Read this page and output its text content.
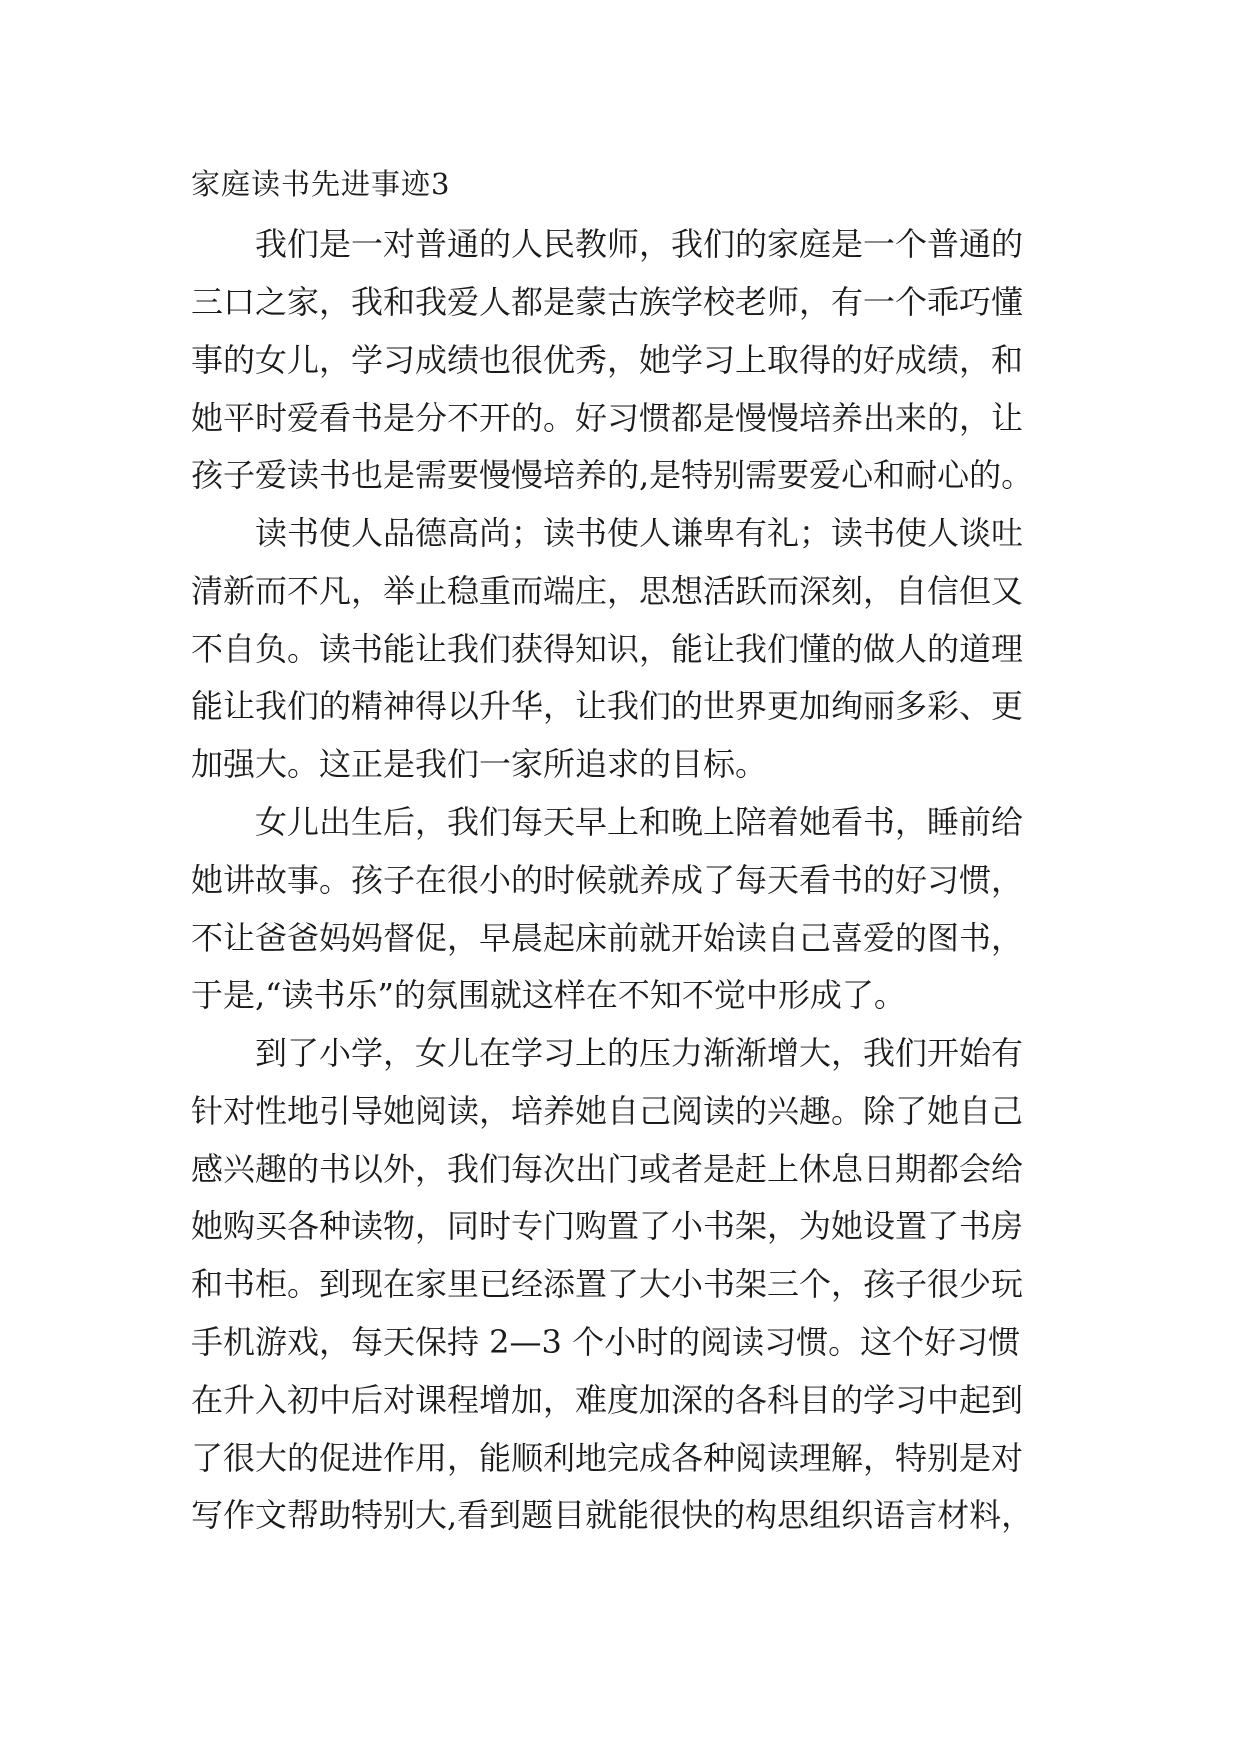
家庭读书先进事迹3
我们是一对普通的人民教师，我们的家庭是一个普通的
三口之家，我和我爱人都是蒙古族学校老师，有一个乖巧懂
事的女儿，学习成绩也很优秀，她学习上取得的好成绩，和
她平时爱看书是分不开的。好习惯都是慢慢培养出来的，让
孩子爱读书也是需要慢慢培养的,是特别需要爱心和耐心的。
读书使人品德高尚；读书使人谦卑有礼；读书使人谈吐
清新而不凡，举止稳重而端庄，思想活跃而深刻，自信但又
不自负。读书能让我们获得知识，能让我们懂的做人的道理
能让我们的精神得以升华，让我们的世界更加绚丽多彩、更
加强大。这正是我们一家所追求的目标。
女儿出生后，我们每天早上和晚上陪着她看书，睡前给
她讲故事。孩子在很小的时候就养成了每天看书的好习惯，
不让爸爸妈妈督促，早晨起床前就开始读自己喜爱的图书，
于是,“读书乐”的氛围就这样在不知不觉中形成了。
到了小学，女儿在学习上的压力渐渐增大，我们开始有
针对性地引导她阅读，培养她自己阅读的兴趣。除了她自己
感兴趣的书以外，我们每次出门或者是赶上休息日期都会给
她购买各种读物，同时专门购置了小书架，为她设置了书房
和书柜。到现在家里已经添置了大小书架三个，孩子很少玩
手机游戏，每天保持 2—3 个小时的阅读习惯。这个好习惯
在升入初中后对课程增加，难度加深的各科目的学习中起到
了很大的促进作用，能顺利地完成各种阅读理解，特别是对
写作文帮助特别大,看到题目就能很快的构思组织语言材料，
